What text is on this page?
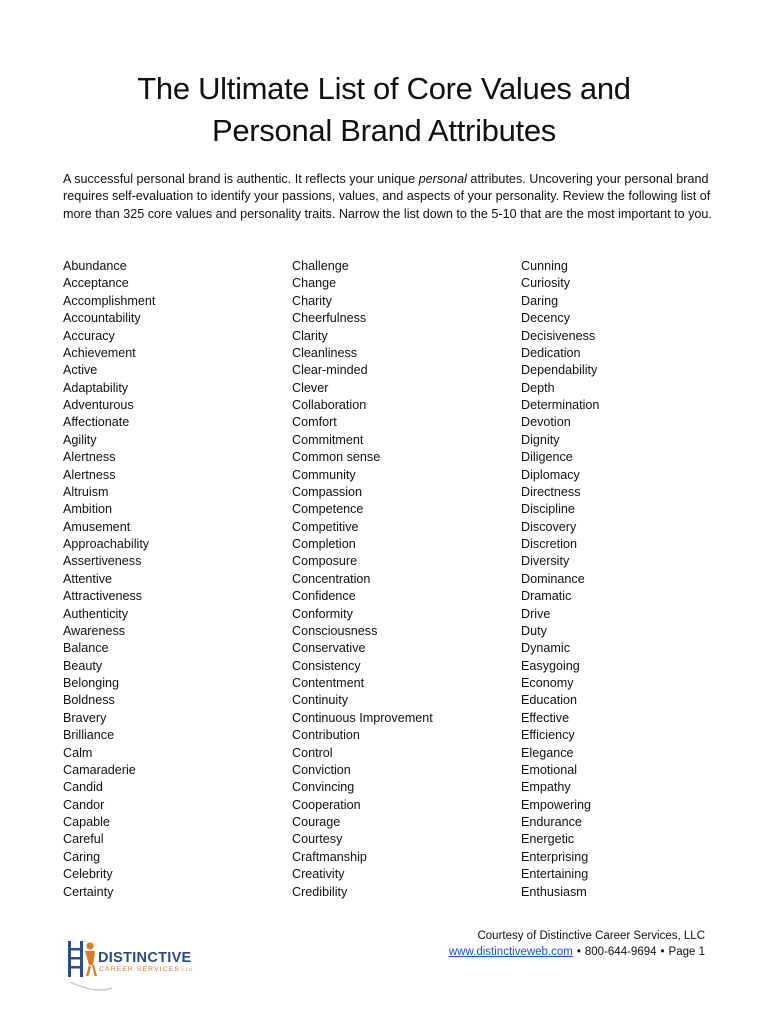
The Ultimate List of Core Values and
Personal Brand Attributes

A successful personal brand is authentic. It reflects your unique personal attributes. Uncovering your personal brand requires self-evaluation to identify your passions, values, and aspects of your personality. Review the following list of more than 325 core values and personality traits. Narrow the list down to the 5-10 that are the most important to you.

Abundance
Acceptance
Accomplishment
Accountability
Accuracy
Achievement
Active
Adaptability
Adventurous
Affectionate
Agility
Alertness
Alertness
Altruism
Ambition
Amusement
Approachability
Assertiveness
Attentive
Attractiveness
Authenticity
Awareness
Balance
Beauty
Belonging
Boldness
Bravery
Brilliance
Calm
Camaraderie
Candid
Candor
Capable
Careful
Caring
Celebrity
Certainty
Challenge
Change
Charity
Cheerfulness
Clarity
Cleanliness
Clear-minded
Clever
Collaboration
Comfort
Commitment
Common sense
Community
Compassion
Competence
Competitive
Completion
Composure
Concentration
Confidence
Conformity
Consciousness
Conservative
Consistency
Contentment
Continuity
Continuous Improvement
Contribution
Control
Conviction
Convincing
Cooperation
Courage
Courtesy
Craftmanship
Creativity
Credibility
Cunning
Curiosity
Daring
Decency
Decisiveness
Dedication
Dependability
Depth
Determination
Devotion
Dignity
Diligence
Diplomacy
Directness
Discipline
Discovery
Discretion
Diversity
Dominance
Dramatic
Drive
Duty
Dynamic
Easygoing
Economy
Education
Effective
Efficiency
Elegance
Emotional
Empathy
Empowering
Endurance
Energetic
Enterprising
Entertaining
Enthusiasm
DISTINCTIVE
CAREER SERVICES LLC
Courtesy of Distinctive Career Services, LLC
www.distinctiveweb.com • 800-644-9694 • Page 1
